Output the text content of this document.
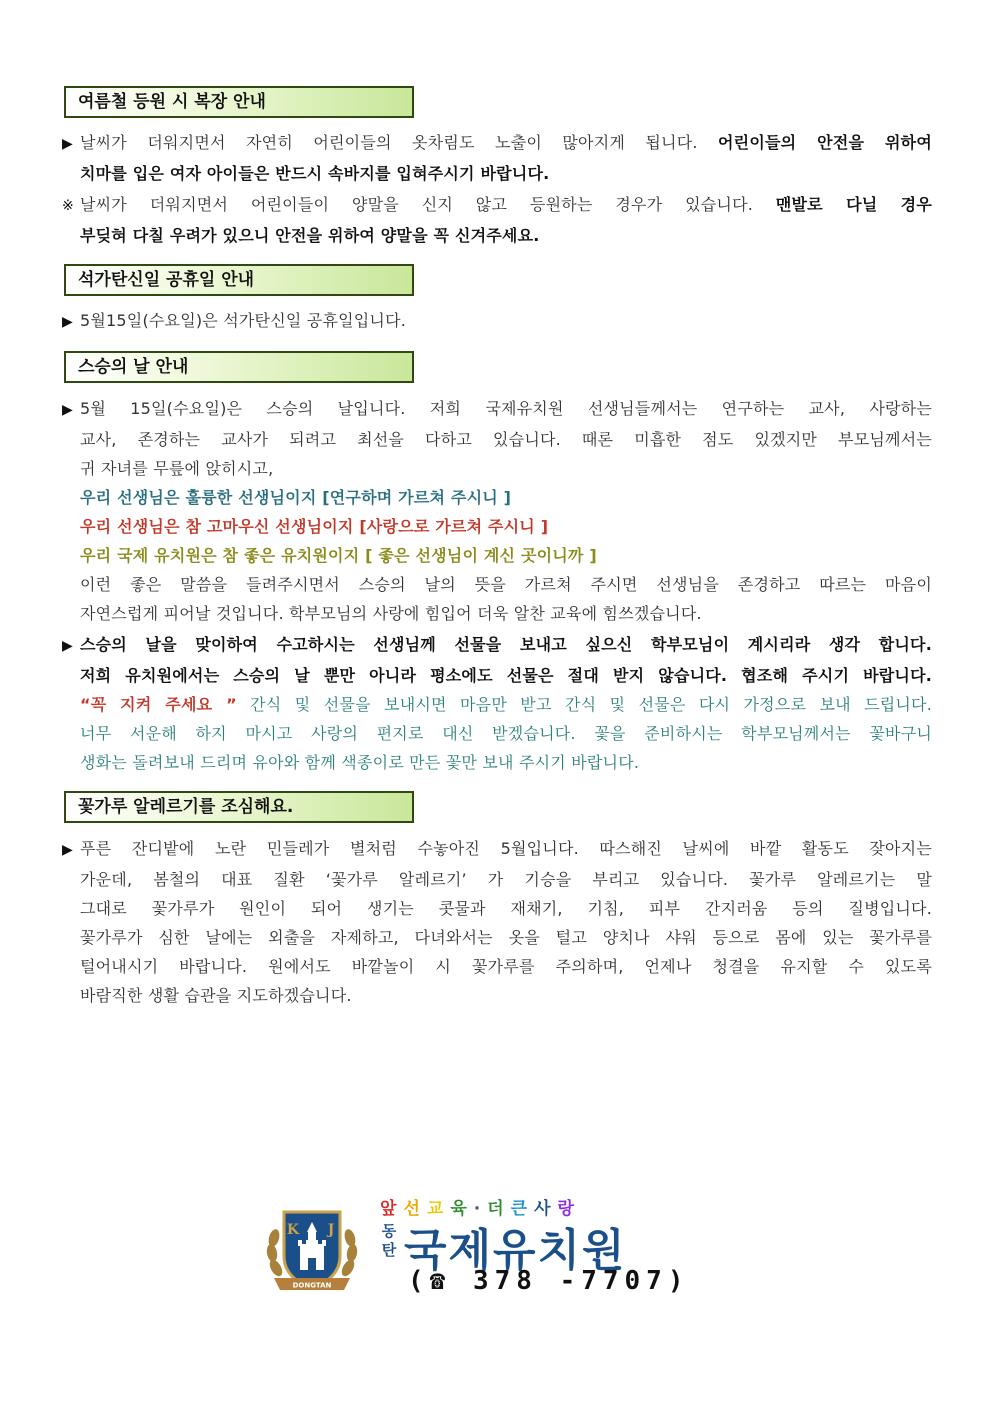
여름철 등원 시 복장 안내
▶ 날씨가 더워지면서 자연히 어린이들의 옷차림도 노출이 많아지게 됩니다. 어린이들의 안전을 위하여
치마를 입은 여자 아이들은 반드시 속바지를 입혀주시기 바랍니다.
※ 날씨가 더워지면서 어린이들이 양말을 신지 않고 등원하는 경우가 있습니다. 맨발로 다닐 경우
부딪혀 다칠 우려가 있으니 안전을 위하여 양말을 꼭 신겨주세요.
석가탄신일 공휴일 안내
▶ 5월15일(수요일)은 석가탄신일 공휴일입니다.
스승의 날 안내
▶ 5월 15일(수요일)은 스승의 날입니다. 저희 국제유치원 선생님들께서는 연구하는 교사, 사랑하는
교사, 존경하는 교사가 되려고 최선을 다하고 있습니다. 때론 미흡한 점도 있겠지만 부모님께서는
귀 자녀를 무릎에 앉히시고,
우리 선생님은 훌륭한 선생님이지 [연구하며 가르쳐 주시니 ]
우리 선생님은 참 고마우신 선생님이지 [사랑으로 가르쳐 주시니 ]
우리 국제 유치원은 참 좋은 유치원이지 [ 좋은 선생님이 계신 곳이니까 ]
이런 좋은 말씀을 들려주시면서 스승의 날의 뜻을 가르쳐 주시면 선생님을 존경하고 따르는 마음이
자연스럽게 피어날 것입니다. 학부모님의 사랑에 힘입어 더욱 알찬 교육에 힘쓰겠습니다.
▶ 스승의 날을 맞이하여 수고하시는 선생님께 선물을 보내고 싶으신 학부모님이 계시리라 생각 합니다.
저희 유치원에서는 스승의 날 뿐만 아니라 평소에도 선물은 절대 받지 않습니다. 협조해 주시기 바랍니다.
“꼭 지켜 주세요 ” 간식 및 선물을 보내시면 마음만 받고 간식 및 선물은 다시 가정으로 보내 드립니다.
너무 서운해 하지 마시고 사랑의 편지로 대신 받겠습니다. 꽃을 준비하시는 학부모님께서는 꽃바구니
생화는 돌려보내 드리며 유아와 함께 색종이로 만든 꽃만 보내 주시기 바랍니다.
꽃가루 알레르기를 조심해요.
▶ 푸른 잔디밭에 노란 민들레가 별처럼 수놓아진 5월입니다. 따스해진 날씨에 바깥 활동도 잦아지는
가운데, 봄철의 대표 질환 ‘꽃가루 알레르기’ 가 기승을 부리고 있습니다. 꽃가루 알레르기는 말
그대로 꽃가루가 원인이 되어 생기는 콧물과 재채기, 기침, 피부 간지러움 등의 질병입니다.
꽃가루가 심한 날에는 외출을 자제하고, 다녀와서는 옷을 털고 양치나 샤워 등으로 몸에 있는 꽃가루를
털어내시기 바랍니다. 원에서도 바깥놀이 시 꽃가루를 주의하며, 언제나 청결을 유지할 수 있도록
바람직한 생활 습관을 지도하겠습니다.
K J
DONGTAN
앞선교육·더큰사랑
동
탄 국제유치원
(☎ 378 -7707)
